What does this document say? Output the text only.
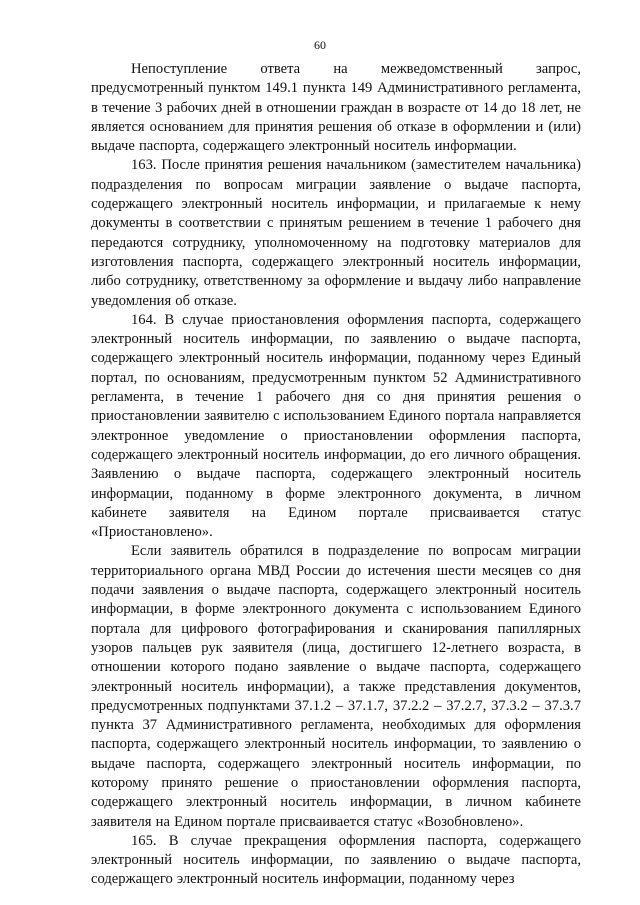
60

Непоступление ответа на межведомственный запрос, предусмотренный пунктом 149.1 пункта 149 Административного регламента, в течение 3 рабочих дней в отношении граждан в возрасте от 14 до 18 лет, не является основанием для принятия решения об отказе в оформлении и (или) выдаче паспорта, содержащего электронный носитель информации.

163. После принятия решения начальником (заместителем начальника) подразделения по вопросам миграции заявление о выдаче паспорта, содержащего электронный носитель информации, и прилагаемые к нему документы в соответствии с принятым решением в течение 1 рабочего дня передаются сотруднику, уполномоченному на подготовку материалов для изготовления паспорта, содержащего электронный носитель информации, либо сотруднику, ответственному за оформление и выдачу либо направление уведомления об отказе.

164. В случае приостановления оформления паспорта, содержащего электронный носитель информации, по заявлению о выдаче паспорта, содержащего электронный носитель информации, поданному через Единый портал, по основаниям, предусмотренным пунктом 52 Административного регламента, в течение 1 рабочего дня со дня принятия решения о приостановлении заявителю с использованием Единого портала направляется электронное уведомление о приостановлении оформления паспорта, содержащего электронный носитель информации, до его личного обращения. Заявлению о выдаче паспорта, содержащего электронный носитель информации, поданному в форме электронного документа, в личном кабинете заявителя на Едином портале присваивается статус «Приостановлено».

Если заявитель обратился в подразделение по вопросам миграции территориального органа МВД России до истечения шести месяцев со дня подачи заявления о выдаче паспорта, содержащего электронный носитель информации, в форме электронного документа с использованием Единого портала для цифрового фотографирования и сканирования папиллярных узоров пальцев рук заявителя (лица, достигшего 12-летнего возраста, в отношении которого подано заявление о выдаче паспорта, содержащего электронный носитель информации), а также представления документов, предусмотренных подпунктами 37.1.2 – 37.1.7, 37.2.2 – 37.2.7, 37.3.2 – 37.3.7 пункта 37 Административного регламента, необходимых для оформления паспорта, содержащего электронный носитель информации, то заявлению о выдаче паспорта, содержащего электронный носитель информации, по которому принято решение о приостановлении оформления паспорта, содержащего электронный носитель информации, в личном кабинете заявителя на Едином портале присваивается статус «Возобновлено».

165. В случае прекращения оформления паспорта, содержащего электронный носитель информации, по заявлению о выдаче паспорта, содержащего электронный носитель информации, поданному через
